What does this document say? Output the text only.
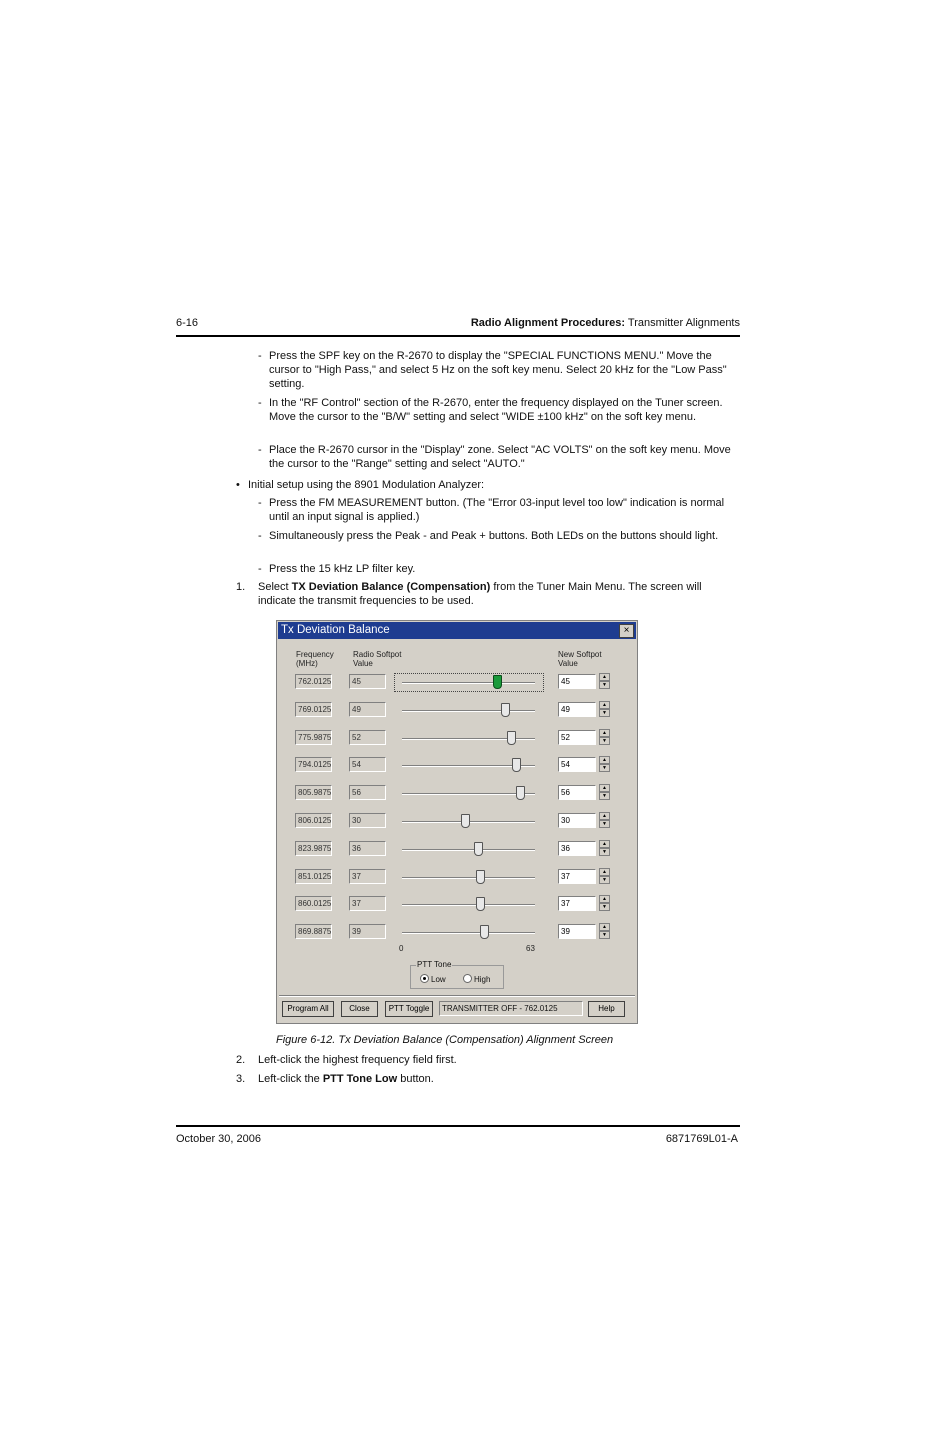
6-16	Radio Alignment Procedures: Transmitter Alignments
- Press the SPF key on the R-2670 to display the "SPECIAL FUNCTIONS MENU." Move the cursor to "High Pass," and select 5 Hz on the soft key menu. Select 20 kHz for the "Low Pass" setting.
- In the "RF Control" section of the R-2670, enter the frequency displayed on the Tuner screen. Move the cursor to the "B/W" setting and select "WIDE ±100 kHz" on the soft key menu.
- Place the R-2670 cursor in the "Display" zone. Select "AC VOLTS" on the soft key menu. Move the cursor to the "Range" setting and select "AUTO."
• Initial setup using the 8901 Modulation Analyzer:
- Press the FM MEASUREMENT button. (The "Error 03-input level too low" indication is normal until an input signal is applied.)
- Simultaneously press the Peak - and Peak + buttons. Both LEDs on the buttons should light.
- Press the 15 kHz LP filter key.
1. Select TX Deviation Balance (Compensation) from the Tuner Main Menu. The screen will indicate the transmit frequencies to be used.
Tx Deviation Balance	×
Frequency
(MHz)
Radio Softpot
Value
New Softpot
Value
762.0125	45	45	▲
▼
769.0125	49	49	▲
▼
775.9875	52	52	▲
▼
794.0125	54	54	▲
▼
805.9875	56	56	▲
▼
806.0125	30	30	▲
▼
823.9875	36	36	▲
▼
851.0125	37	37	▲
▼
860.0125	37	37	▲
▼
869.8875	39	39	▲
▼
0	63
PTT Tone
Low	High
Program All	Close	PTT Toggle	TRANSMITTER OFF - 762.0125	Help
Figure 6-12. Tx Deviation Balance (Compensation) Alignment Screen
2. Left-click the highest frequency field first.
3. Left-click the PTT Tone Low button.
October 30, 2006	6871769L01-A
